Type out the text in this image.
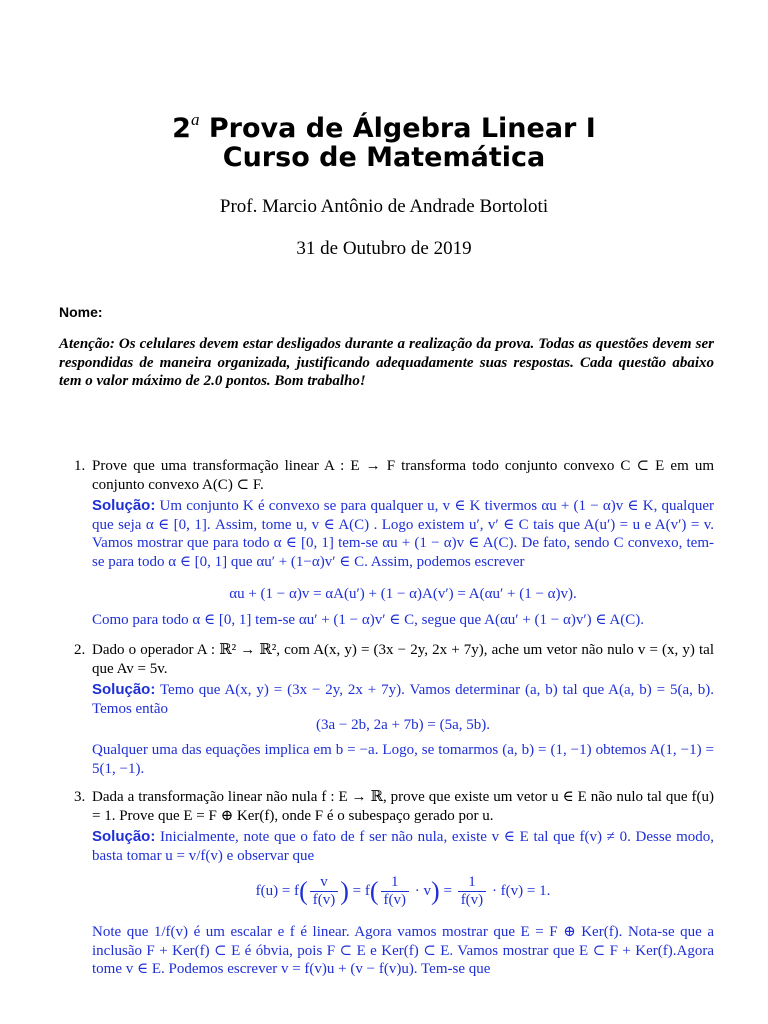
2$^a$ Prova de Álgebra Linear I
Curso de Matemática
Prof. Marcio Antônio de Andrade Bortoloti
31 de Outubro de 2019
Nome:
Atenção: Os celulares devem estar desligados durante a realização da prova. Todas as questões devem ser respondidas de maneira organizada, justificando adequadamente suas respostas. Cada questão abaixo tem o valor máximo de 2.0 pontos. Bom trabalho!
1. Prove que uma transformação linear A : E → F transforma todo conjunto convexo C ⊂ E em um conjunto convexo A(C) ⊂ F.
Solução: Um conjunto K é convexo se para qualquer u, v ∈ K tivermos αu + (1 − α)v ∈ K, qualquer que seja α ∈ [0, 1]. Assim, tome u, v ∈ A(C) . Logo existem u′, v′ ∈ C tais que A(u′) = u e A(v′) = v. Vamos mostrar que para todo α ∈ [0, 1] tem-se αu + (1 − α)v ∈ A(C). De fato, sendo C convexo, tem-se para todo α ∈ [0, 1] que αu′ + (1−α)v′ ∈ C. Assim, podemos escrever
αu + (1 − α)v = αA(u′) + (1 − α)A(v′) = A(αu′ + (1 − α)v).
Como para todo α ∈ [0, 1] tem-se αu′ + (1 − α)v′ ∈ C, segue que A(αu′ + (1 − α)v′) ∈ A(C).
2. Dado o operador A : ℝ² → ℝ², com A(x, y) = (3x − 2y, 2x + 7y), ache um vetor não nulo v = (x, y) tal que Av = 5v.
Solução: Temo que A(x, y) = (3x − 2y, 2x + 7y). Vamos determinar (a, b) tal que A(a, b) = 5(a, b). Temos então
(3a − 2b, 2a + 7b) = (5a, 5b).
Qualquer uma das equações implica em b = −a. Logo, se tomarmos (a, b) = (1, −1) obtemos A(1, −1) = 5(1, −1).
3. Dada a transformação linear não nula f : E → ℝ, prove que existe um vetor u ∈ E não nulo tal que f(u) = 1. Prove que E = F ⊕ Ker(f), onde F é o subespaço gerado por u.
Solução: Inicialmente, note que o fato de f ser não nula, existe v ∈ E tal que f(v) ≠ 0. Desse modo, basta tomar u = v/f(v) e observar que
$f(u) = f( \frac{v}{f(v)}$ ) = $f( \frac{1}{f(v)} \cdot v) = \frac{1}{f(v)} \cdot f(v) = 1$.
Note que 1/f(v) é um escalar e f é linear. Agora vamos mostrar que E = F ⊕ Ker(f). Nota-se que a inclusão F + Ker(f) ⊂ E é óbvia, pois F ⊂ E e Ker(f) ⊂ E. Vamos mostrar que E ⊂ F + Ker(f).Agora tome v ∈ E. Podemos escrever v = f(v)u + (v − f(v)u). Tem-se que
